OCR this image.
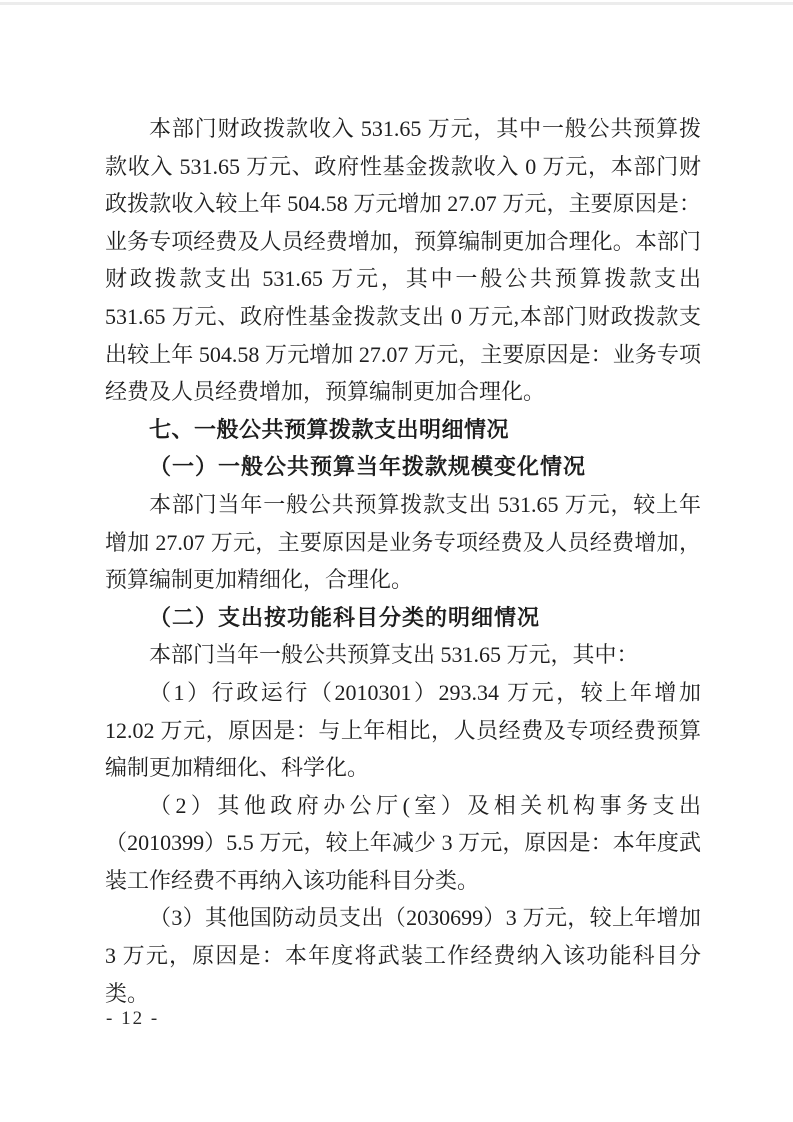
本部门财政拨款收入 531.65 万元，其中一般公共预算拨款收入 531.65 万元、政府性基金拨款收入 0 万元，本部门财政拨款收入较上年 504.58 万元增加 27.07 万元，主要原因是：业务专项经费及人员经费增加，预算编制更加合理化。本部门财政拨款支出 531.65 万元，其中一般公共预算拨款支出 531.65 万元、政府性基金拨款支出 0 万元,本部门财政拨款支出较上年 504.58 万元增加 27.07 万元，主要原因是：业务专项经费及人员经费增加，预算编制更加合理化。

七、一般公共预算拨款支出明细情况
（一）一般公共预算当年拨款规模变化情况

本部门当年一般公共预算拨款支出 531.65 万元，较上年增加 27.07 万元，主要原因是业务专项经费及人员经费增加，预算编制更加精细化，合理化。

（二）支出按功能科目分类的明细情况

本部门当年一般公共预算支出 531.65 万元，其中：

（1）行政运行（2010301）293.34 万元，较上年增加 12.02 万元，原因是：与上年相比，人员经费及专项经费预算编制更加精细化、科学化。

（2）其他政府办公厅(室）及相关机构事务支出（2010399）5.5 万元，较上年减少 3 万元，原因是：本年度武装工作经费不再纳入该功能科目分类。

（3）其他国防动员支出（2030699）3 万元，较上年增加 3 万元，原因是：本年度将武装工作经费纳入该功能科目分类。

- 12 -
